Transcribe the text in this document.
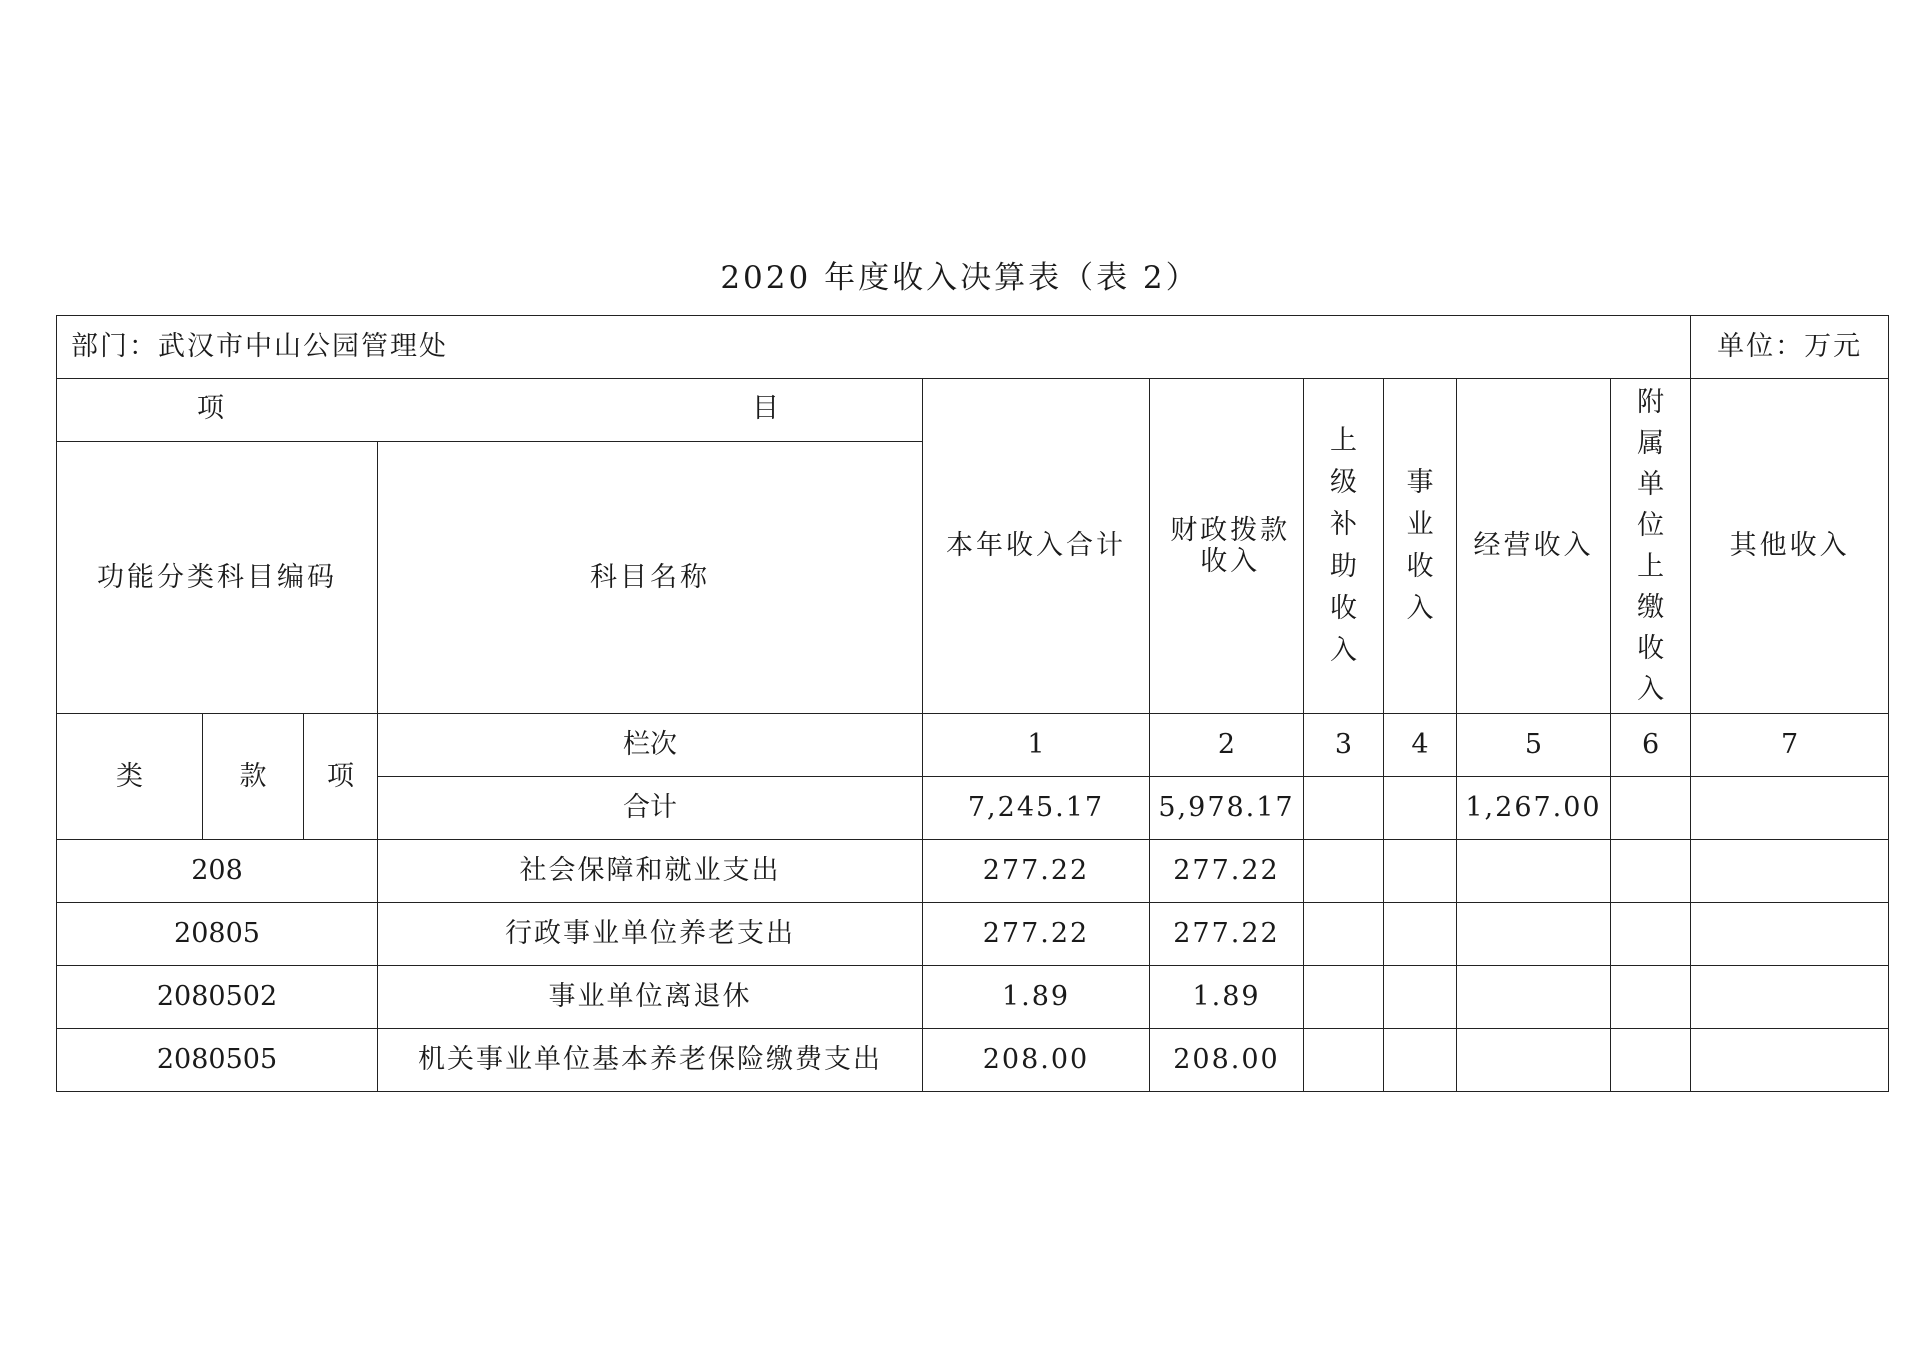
2020 年度收入决算表（表 2）
部门：武汉市中山公园管理处										单位：万元

项 目				本年收入合计	财政拨款收入	上级补助收入	事业收入	经营收入	附属单位上缴收入	其他收入
功能分类科目编码			科目名称							
类	款	项	栏次	1	2	3	4	5	6	7
			合计	7,245.17	5,978.17			1,267.00		
208			社会保障和就业支出	277.22	277.22					
20805			行政事业单位养老支出	277.22	277.22					
2080502			事业单位离退休	1.89	1.89					
2080505			机关事业单位基本养老保险缴费支出	208.00	208.00					
